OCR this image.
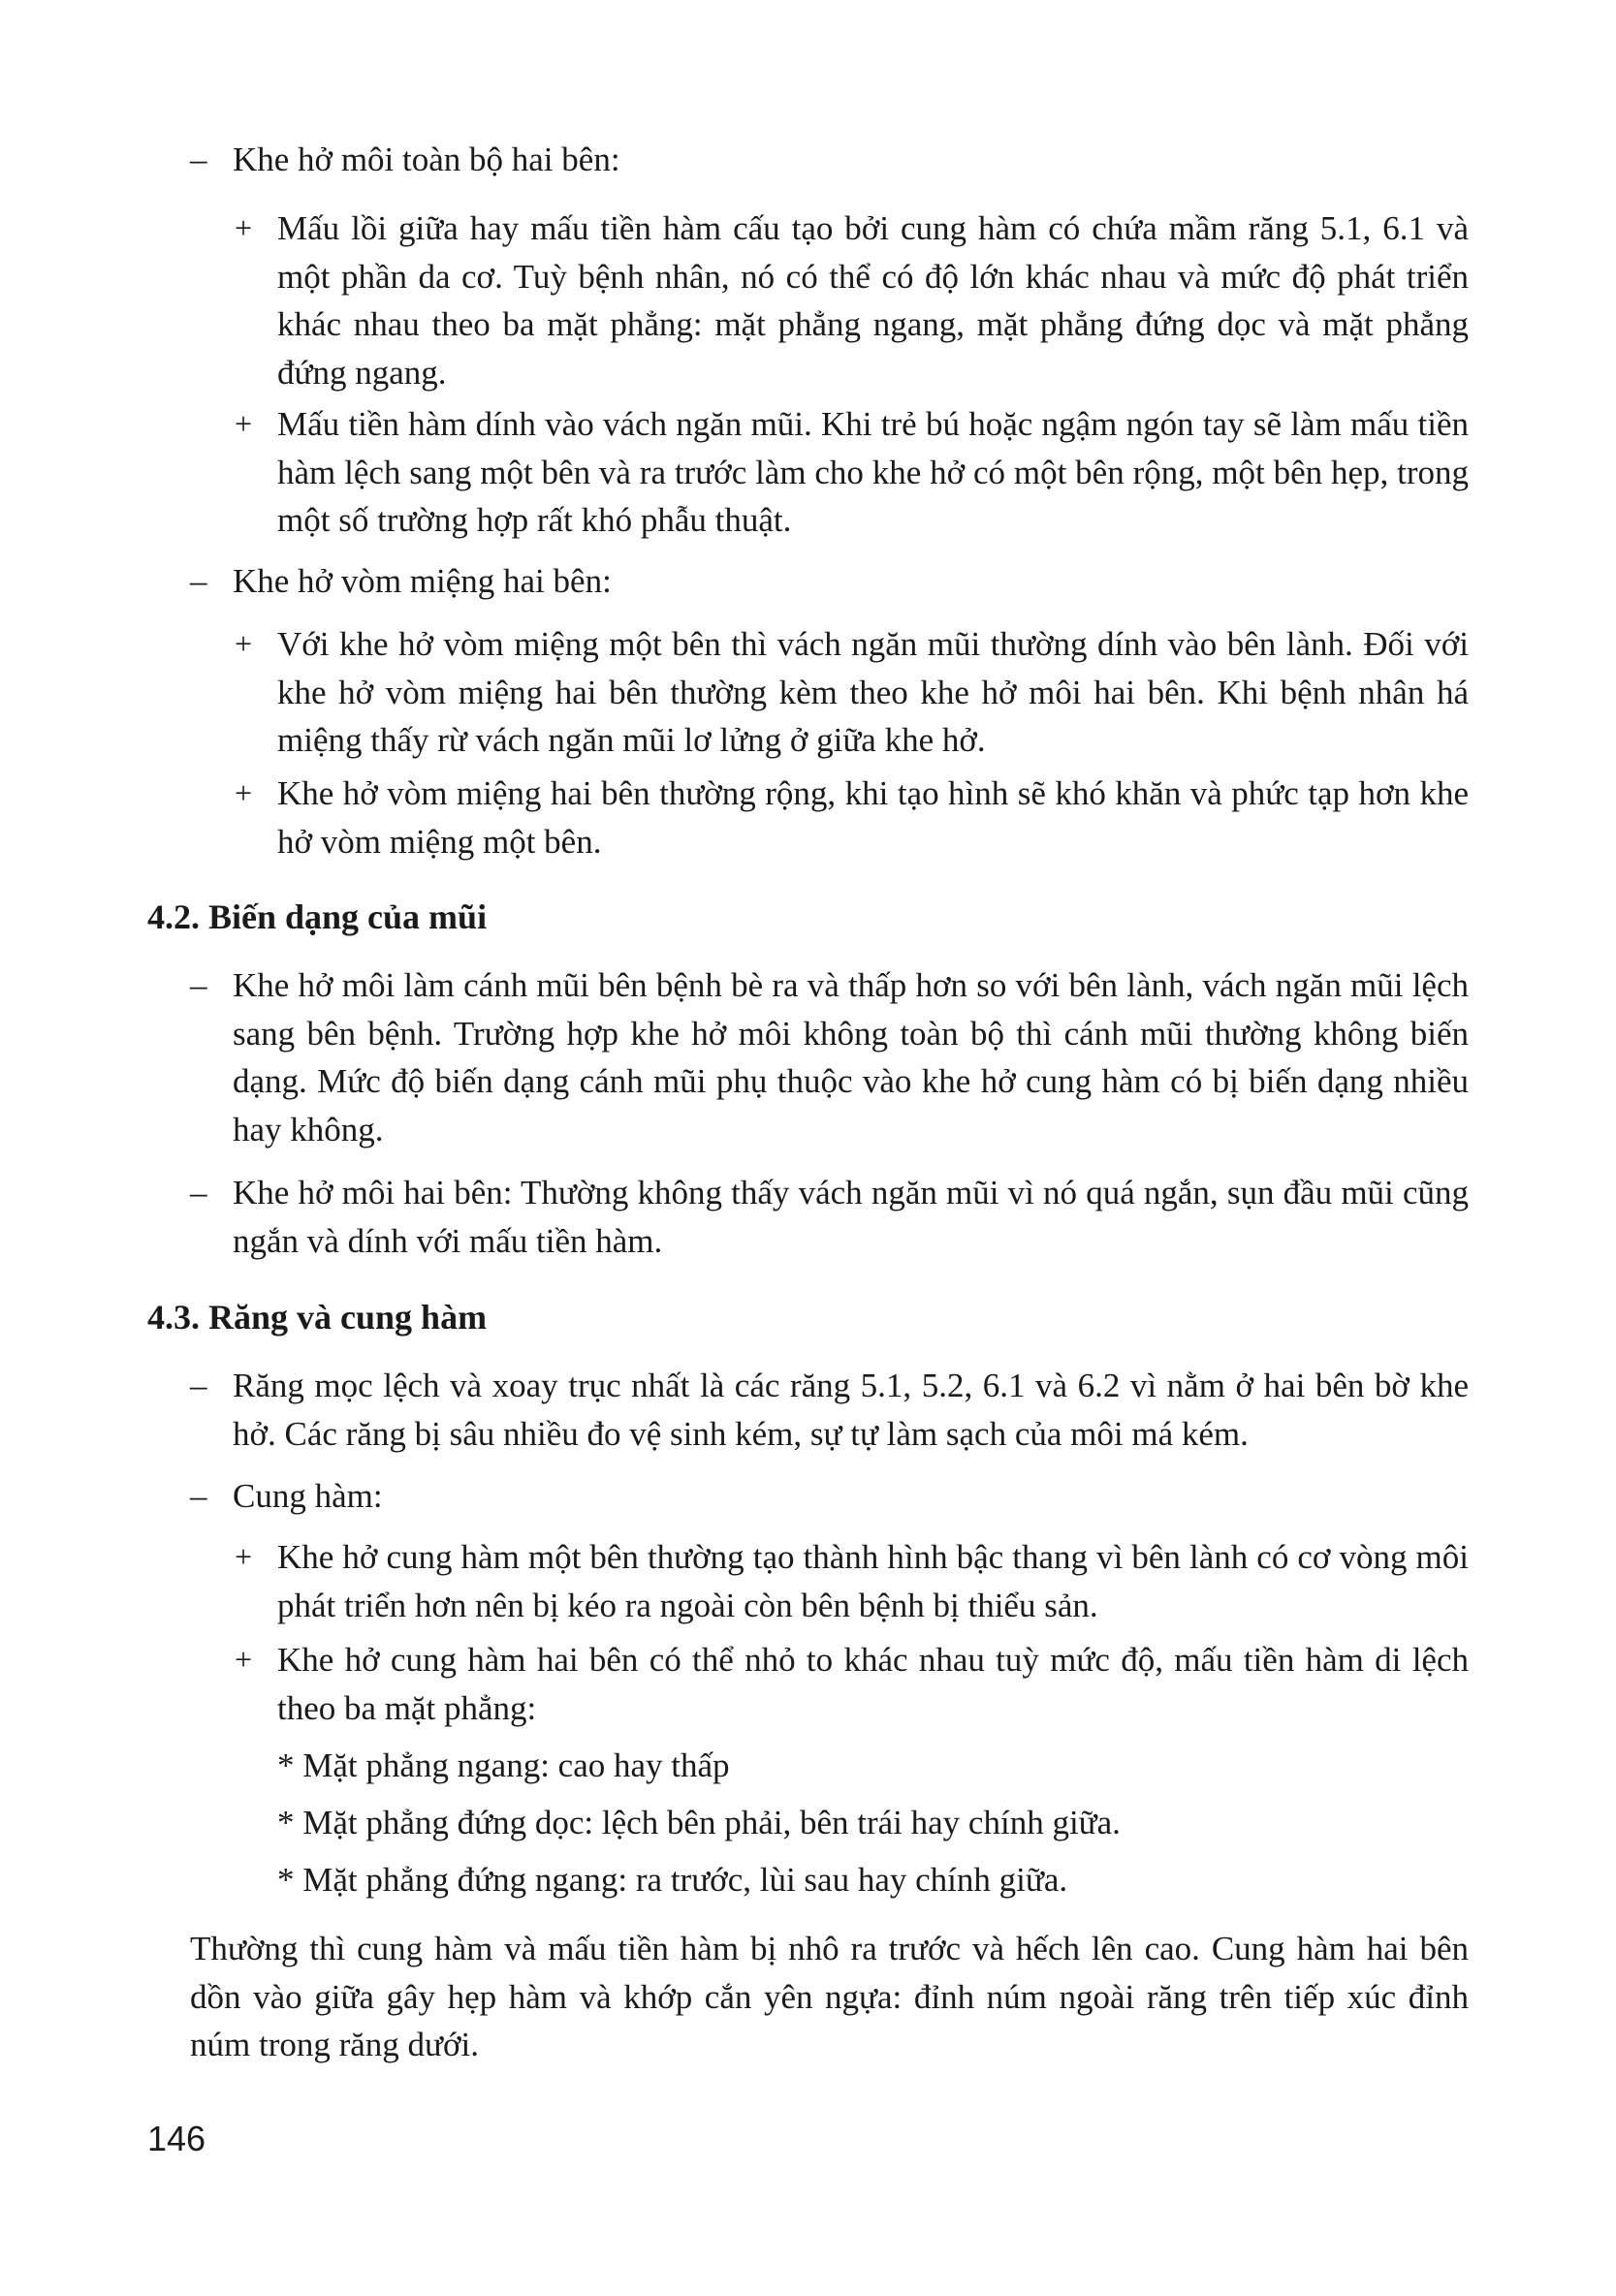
– Khe hở môi toàn bộ hai bên:
+ Mấu lồi giữa hay mấu tiền hàm cấu tạo bởi cung hàm có chứa mầm răng 5.1, 6.1 và một phần da cơ. Tuỳ bệnh nhân, nó có thể có độ lớn khác nhau và mức độ phát triển khác nhau theo ba mặt phẳng: mặt phẳng ngang, mặt phẳng đứng dọc và mặt phẳng đứng ngang.
+ Mấu tiền hàm dính vào vách ngăn mũi. Khi trẻ bú hoặc ngậm ngón tay sẽ làm mấu tiền hàm lệch sang một bên và ra trước làm cho khe hở có một bên rộng, một bên hẹp, trong một số trường hợp rất khó phẫu thuật.
– Khe hở vòm miệng hai bên:
+ Với khe hở vòm miệng một bên thì vách ngăn mũi thường dính vào bên lành. Đối với khe hở vòm miệng hai bên thường kèm theo khe hở môi hai bên. Khi bệnh nhân há miệng thấy rừ vách ngăn mũi lơ lửng ở giữa khe hở.
+ Khe hở vòm miệng hai bên thường rộng, khi tạo hình sẽ khó khăn và phức tạp hơn khe hở vòm miệng một bên.
4.2. Biến dạng của mũi
– Khe hở môi làm cánh mũi bên bệnh bè ra và thấp hơn so với bên lành, vách ngăn mũi lệch sang bên bệnh. Trường hợp khe hở môi không toàn bộ thì cánh mũi thường không biến dạng. Mức độ biến dạng cánh mũi phụ thuộc vào khe hở cung hàm có bị biến dạng nhiều hay không.
– Khe hở môi hai bên: Thường không thấy vách ngăn mũi vì nó quá ngắn, sụn đầu mũi cũng ngắn và dính với mấu tiền hàm.
4.3. Răng và cung hàm
– Răng mọc lệch và xoay trục nhất là các răng 5.1, 5.2, 6.1 và 6.2 vì nằm ở hai bên bờ khe hở. Các răng bị sâu nhiều đo vệ sinh kém, sự tự làm sạch của môi má kém.
– Cung hàm:
+ Khe hở cung hàm một bên thường tạo thành hình bậc thang vì bên lành có cơ vòng môi phát triển hơn nên bị kéo ra ngoài còn bên bệnh bị thiểu sản.
+ Khe hở cung hàm hai bên có thể nhỏ to khác nhau tuỳ mức độ, mấu tiền hàm di lệch theo ba mặt phẳng:
* Mặt phẳng ngang: cao hay thấp
* Mặt phẳng đứng dọc: lệch bên phải, bên trái hay chính giữa.
* Mặt phẳng đứng ngang: ra trước, lùi sau hay chính giữa.
Thường thì cung hàm và mấu tiền hàm bị nhô ra trước và hếch lên cao. Cung hàm hai bên dồn vào giữa gây hẹp hàm và khớp cắn yên ngựa: đỉnh núm ngoài răng trên tiếp xúc đỉnh núm trong răng dưới.
146
